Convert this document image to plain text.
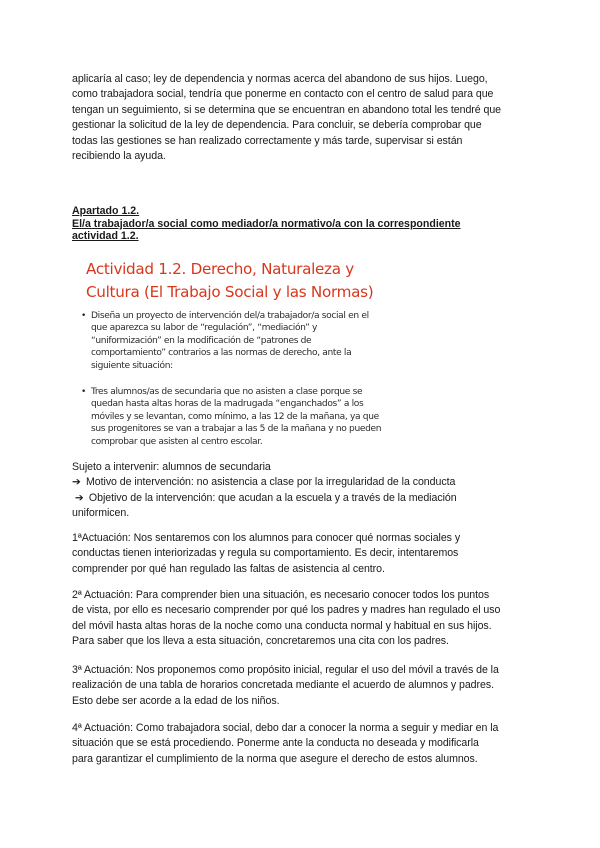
aplicaría al caso; ley de dependencia y normas acerca del abandono de sus hijos. Luego,
como trabajadora social, tendría que ponerme en contacto con el centro de salud para que
tengan un seguimiento, si se determina que se encuentran en abandono total les tendré que
gestionar la solicitud de la ley de dependencia. Para concluir, se debería comprobar que
todas las gestiones se han realizado correctamente y más tarde, supervisar si están
recibiendo la ayuda.
Apartado 1.2.
El/a trabajador/a social como mediador/a normativo/a con la correspondiente
actividad 1.2.
Actividad 1.2. Derecho, Naturaleza y
Cultura (El Trabajo Social y las Normas)
• Diseña un proyecto de intervención del/a trabajador/a social en el
que aparezca su labor de “regulación”, “mediación” y
“uniformización” en la modificación de “patrones de
comportamiento” contrarios a las normas de derecho, ante la
siguiente situación:
• Tres alumnos/as de secundaria que no asisten a clase porque se
quedan hasta altas horas de la madrugada “enganchados” a los
móviles y se levantan, como mínimo, a las 12 de la mañana, ya que
sus progenitores se van a trabajar a las 5 de la mañana y no pueden
comprobar que asisten al centro escolar.
Sujeto a intervenir: alumnos de secundaria
➔ Motivo de intervención: no asistencia a clase por la irregularidad de la conducta
➔ Objetivo de la intervención: que acudan a la escuela y a través de la mediación
uniformicen.
1ªActuación: Nos sentaremos con los alumnos para conocer qué normas sociales y
conductas tienen interiorizadas y regula su comportamiento. Es decir, intentaremos
comprender por qué han regulado las faltas de asistencia al centro.
2ª Actuación: Para comprender bien una situación, es necesario conocer todos los puntos
de vista, por ello es necesario comprender por qué los padres y madres han regulado el uso
del móvil hasta altas horas de la noche como una conducta normal y habitual en sus hijos.
Para saber que los lleva a esta situación, concretaremos una cita con los padres.
3ª Actuación: Nos proponemos como propósito inicial, regular el uso del móvil a través de la
realización de una tabla de horarios concretada mediante el acuerdo de alumnos y padres.
Esto debe ser acorde a la edad de los niños.
4ª Actuación: Como trabajadora social, debo dar a conocer la norma a seguir y mediar en la
situación que se está procediendo. Ponerme ante la conducta no deseada y modificarla
para garantizar el cumplimiento de la norma que asegure el derecho de estos alumnos.
